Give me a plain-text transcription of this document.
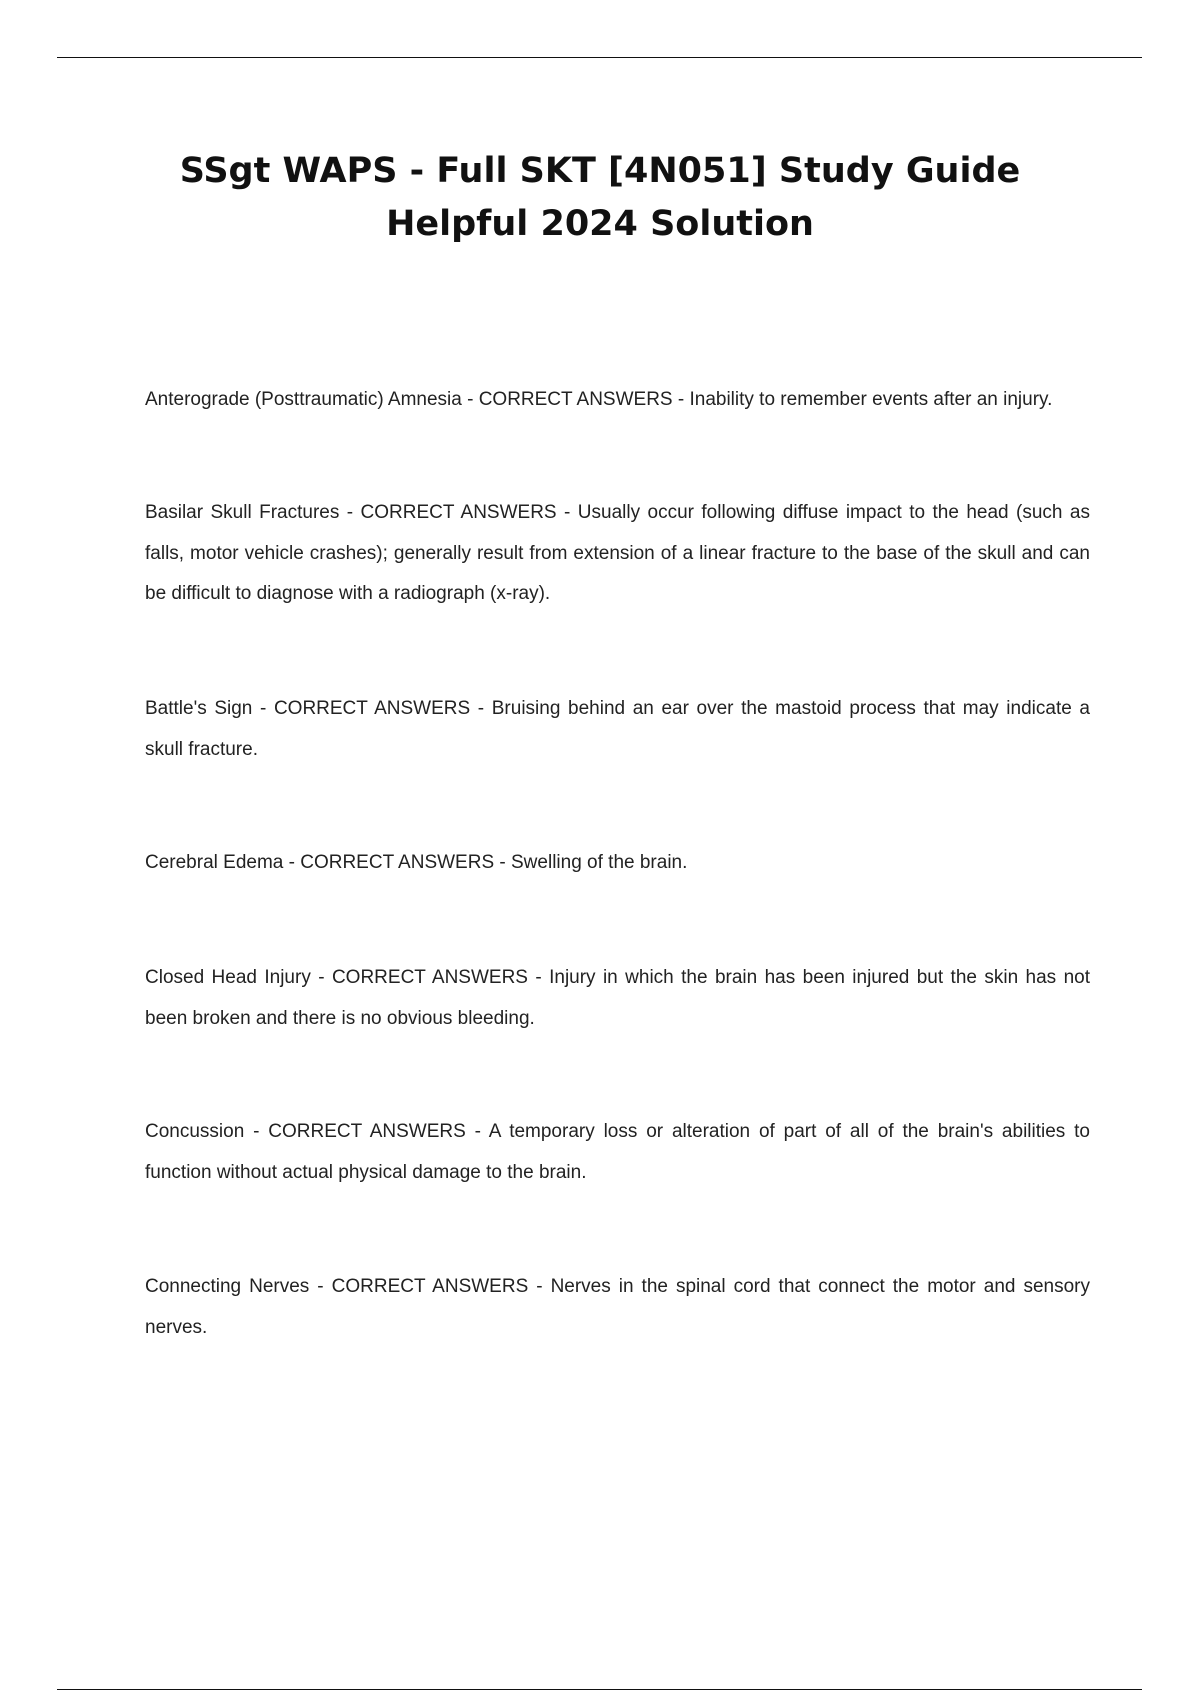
SSgt WAPS - Full SKT [4N051] Study Guide
Helpful 2024 Solution

Anterograde (Posttraumatic) Amnesia - CORRECT ANSWERS - Inability to remember events after an injury.

Basilar Skull Fractures - CORRECT ANSWERS - Usually occur following diffuse impact to the head (such as falls, motor vehicle crashes); generally result from extension of a linear fracture to the base of the skull and can be difficult to diagnose with a radiograph (x-ray).

Battle's Sign - CORRECT ANSWERS - Bruising behind an ear over the mastoid process that may indicate a skull fracture.

Cerebral Edema - CORRECT ANSWERS - Swelling of the brain.

Closed Head Injury - CORRECT ANSWERS - Injury in which the brain has been injured but the skin has not been broken and there is no obvious bleeding.

Concussion - CORRECT ANSWERS - A temporary loss or alteration of part of all of the brain's abilities to function without actual physical damage to the brain.

Connecting Nerves - CORRECT ANSWERS - Nerves in the spinal cord that connect the motor and sensory nerves.
